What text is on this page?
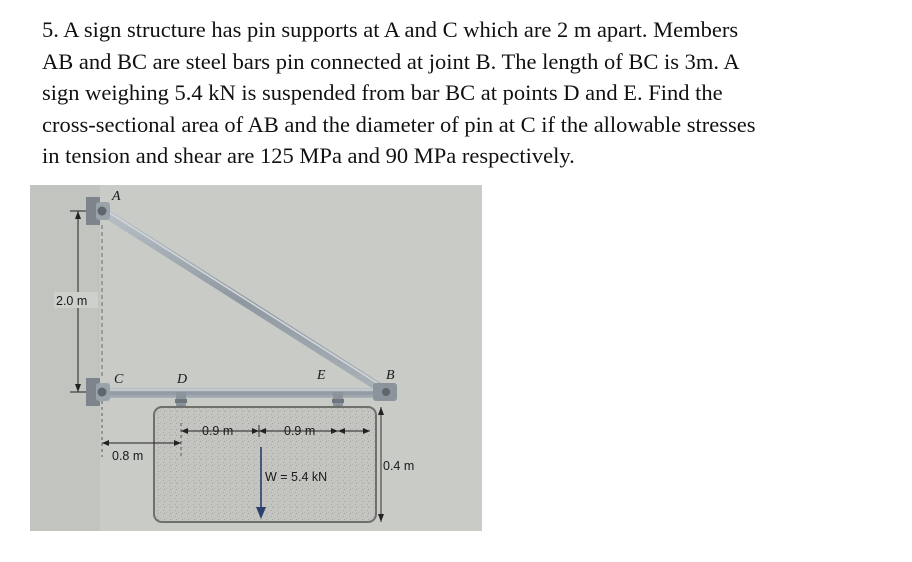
5. A sign structure has pin supports at A and C which are 2 m apart. Members
AB and BC are steel bars pin connected at joint B. The length of BC is 3m. A
sign weighing 5.4 kN is suspended from bar BC at points D and E. Find the
cross-sectional area of AB and the diameter of pin at C if the allowable stresses
in tension and shear are 125 MPa and 90 MPa respectively.
A
B
C	D	E
2.0 m
0.8 m
0.9 m	0.9 m
0.4 m
W = 5.4 kN
